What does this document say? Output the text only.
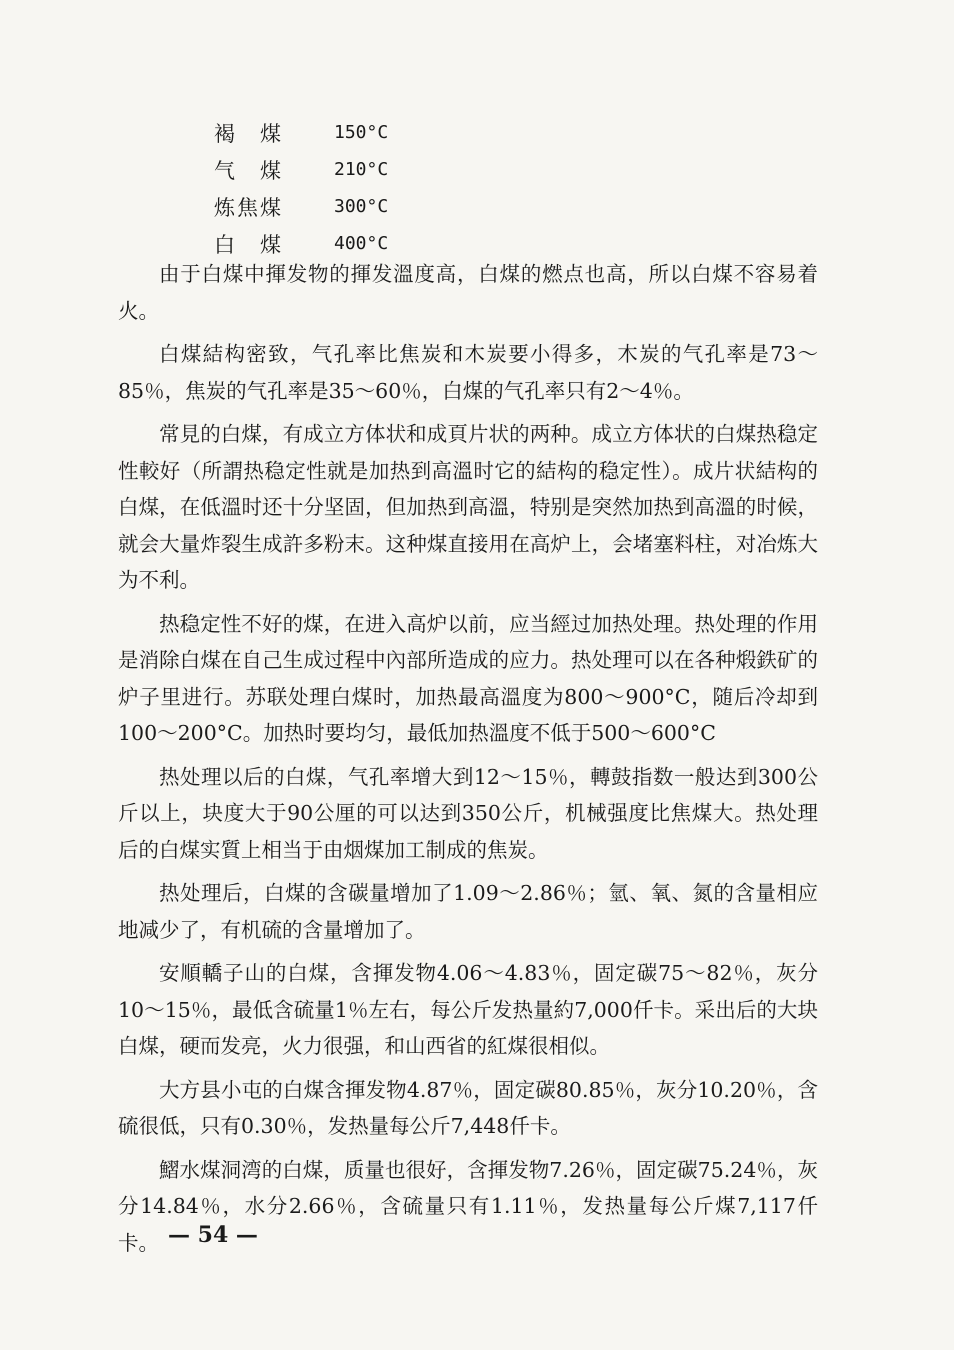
褐　煤	150°C
气　煤	210°C
炼焦煤	300°C
白　煤	400°C

由于白煤中揮发物的揮发溫度高，白煤的燃点也高，所以白煤不容易着火。

白煤結构密致，气孔率比焦炭和木炭要小得多，木炭的气孔率是73～85％，焦炭的气孔率是35～60％，白煤的气孔率只有2～4％。

常見的白煤，有成立方体状和成頁片状的两种。成立方体状的白煤热稳定性較好（所謂热稳定性就是加热到高溫时它的結构的稳定性）。成片状結构的白煤，在低溫时还十分坚固，但加热到高溫，特别是突然加热到高溫的时候，就会大量炸裂生成許多粉末。这种煤直接用在高炉上，会堵塞料柱，对冶炼大为不利。

热稳定性不好的煤，在进入高炉以前，应当經过加热处理。热处理的作用是消除白煤在自己生成过程中內部所造成的应力。热处理可以在各种煅鉄矿的炉子里进行。苏联处理白煤时，加热最高溫度为800～900°C，随后冷却到100～200°C。加热时要均匀，最低加热溫度不低于500～600°C

热处理以后的白煤，气孔率增大到12～15％，轉鼓指数一般达到300公斤以上，块度大于90公厘的可以达到350公斤，机械强度比焦煤大。热处理后的白煤实質上相当于由烟煤加工制成的焦炭。

热处理后，白煤的含碳量增加了1.09～2.86％；氫、氧、氮的含量相应地减少了，有机硫的含量增加了。

安順轎子山的白煤，含揮发物4.06～4.83％，固定碳75～82％，灰分10～15％，最低含硫量1％左右，每公斤发热量約7,000仟卡。采出后的大块白煤，硬而发亮，火力很强，和山西省的紅煤很相似。

大方县小屯的白煤含揮发物4.87％，固定碳80.85％，灰分10.20％，含硫很低，只有0.30％，发热量每公斤7,448仟卡。

鰼水煤洞湾的白煤，质量也很好，含揮发物7.26％，固定碳75.24％，灰分14.84％，水分2.66％，含硫量只有1.11％，发热量每公斤煤7,117仟卡。 — 54 —
